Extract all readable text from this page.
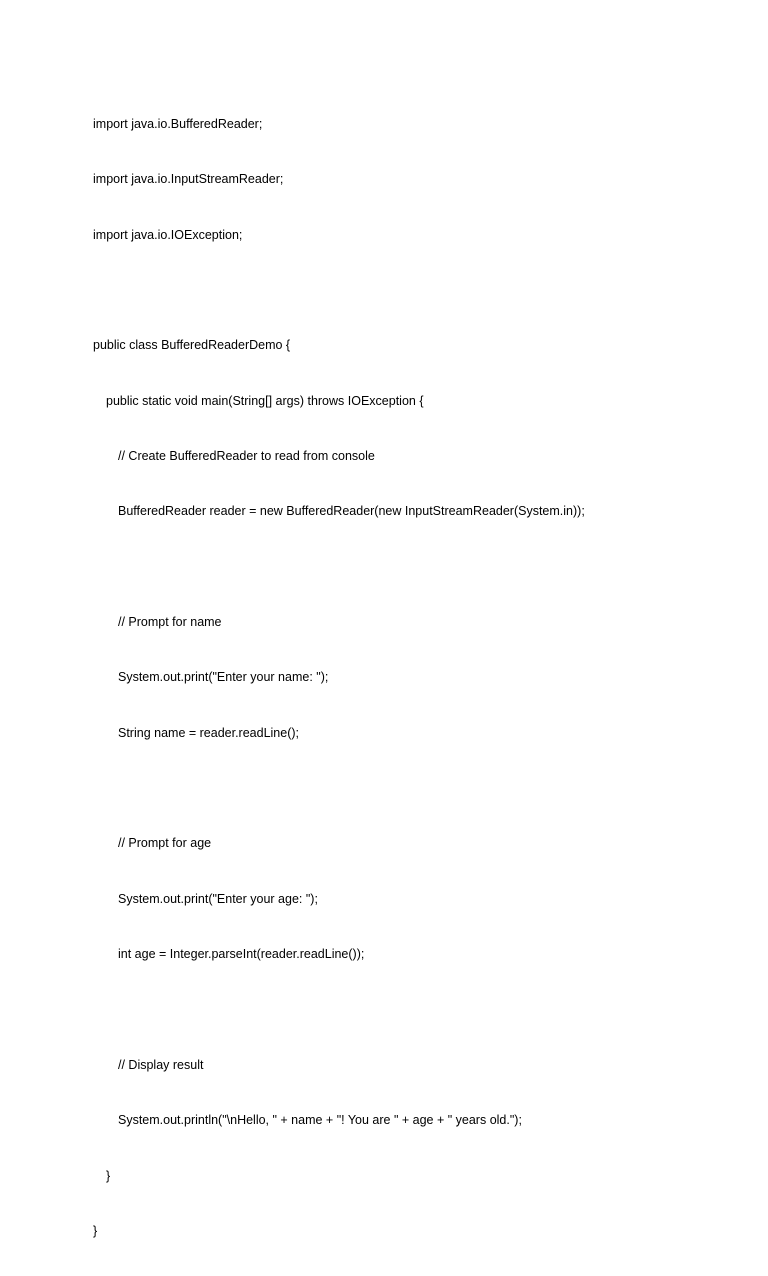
import java.io.BufferedReader;

import java.io.InputStreamReader;

import java.io.IOException;

public class BufferedReaderDemo {

public static void main(String[] args) throws IOException {

// Create BufferedReader to read from console

BufferedReader reader = new BufferedReader(new InputStreamReader(System.in));

// Prompt for name

System.out.print("Enter your name: ");

String name = reader.readLine();

// Prompt for age

System.out.print("Enter your age: ");

int age = Integer.parseInt(reader.readLine());

// Display result

System.out.println("\nHello, " + name + "! You are " + age + " years old.");

}

}
